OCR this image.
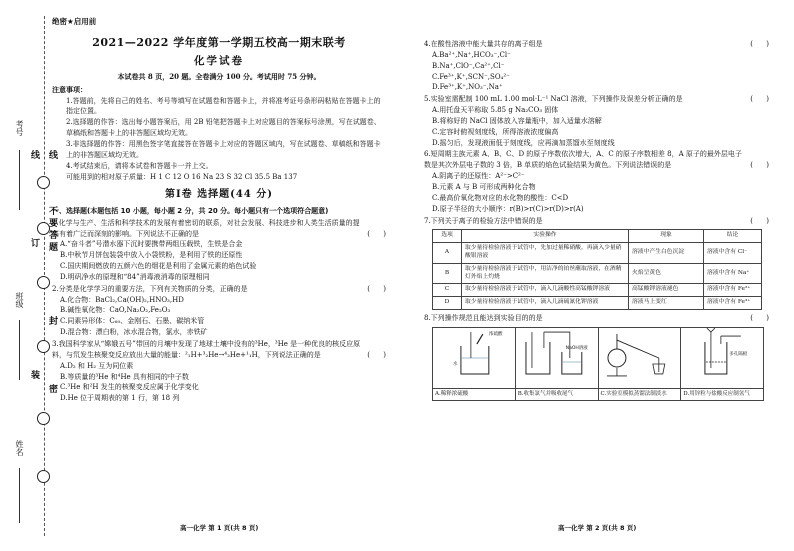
考号
班级
姓名
线 线
订 不要答题
封
装
密
绝密★启用前
2021—2022 学年度第一学期五校高一期末联考
化学试卷
本试卷共 8 页，20 题。全卷满分 100 分。考试用时 75 分钟。
注意事项：
1.答题前，先将自己的姓名、考号等填写在试题卷和答题卡上，并将准考证号条形码粘贴在答题卡上的指定位置。
2.选择题的作答：选出每小题答案后，用 2B 铅笔把答题卡上对应题目的答案标号涂黑，写在试题卷、草稿纸和答题卡上的非答题区域均无效。
3.非选择题的作答：用黑色签字笔直接答在答题卡上对应的答题区域内，写在试题卷、草稿纸和答题卡上的非答题区域均无效。
4.考试结束后，请将本试卷和答题卡一并上交。
可能用到的相对原子质量：H 1 C 12 O 16 Na 23 S 32 Cl 35.5 Ba 137
第Ⅰ卷 选择题(44 分)
一、选择题(本题包括 10 小题，每小题 2 分，共 20 分。每小题只有一个选项符合题意)
1.化学与生产、生活和科学技术的发展有着密切的联系，对社会发展、科技进步和人类生活质量的提高有着广泛而深刻的影响。下列说法不正确的是	(      )
A.“奋斗者”号潜水器下沉时要携带两组压载铁，生铁是合金
B.中秋节月饼包装袋中放入小袋铁粉，是利用了铁的还原性
C.国庆期间燃放的五颜六色的烟花是利用了金属元素的焰色试验
D.明矾净水的原理和“84”消毒液消毒的原理相同
2.分类是化学学习的重要方法，下列有关物质的分类，正确的是	(      )
A.化合物：BaCl₂,Ca(OH)₂,HNO₃,HD
B.碱性氧化物：CaO,Na₂O₂,Fe₂O₃
C.同素异形体：C₆₀、金刚石、石墨、碳纳米管
D.混合物：漂白粉，冰水混合物，氯水，赤铁矿
3.我国科学家从“嫦娥五号”带回的月壤中发现了地球土壤中没有的³He，³He 是一种优良的核反应原料，与氘发生核聚变反应放出大量的能量：²₁H+³₂He→⁴₂He+¹₁H，下列说法正确的是	(      )
A.D₂ 和 H₂ 互为同位素
B.等质量的³He 和⁴He 具有相同的中子数
C.³He 和²H 发生的核聚变反应属于化学变化
D.He 位于周期表的第 1 行，第 18 列
高一化学 第 1 页(共 8 页)
4.在酸性溶液中能大量共存的离子组是	(      )
A.Ba²⁺,Na⁺,HCO₃⁻,Cl⁻
B.Na⁺,ClO⁻,Ca²⁺,Cl⁻
C.Fe³⁺,K⁺,SCN⁻,SO₄²⁻
D.Fe³⁺,K⁺,NO₃⁻,Na⁺
5.实验室需配制 100 mL 1.00 mol·L⁻¹ NaCl 溶液，下列操作及误差分析正确的是	(      )
A.用托盘天平称取 5.85 g Na₂CO₃ 固体
B.将称好的 NaCl 固体放入容量瓶中，加入适量水溶解
C.定容时俯视刻度线，所得溶液浓度偏高
D.摇匀后，发现液面低于刻度线，应再滴加蒸馏水至刻度线
6.短周期主族元素 A、B、C、D 的原子序数依次增大，A、C 的原子序数相差 8，A 原子的最外层电子数是其次外层电子数的 3 倍，B 单质的焰色试验结果为黄色。下列说法错误的是	(      )
A.阴离子的还原性：A²⁻>C²⁻
B.元素 A 与 B 可形成两种化合物
C.最高价氧化物对应的水化物的酸性：C<D
D.原子半径的大小顺序：r(B)>r(C)>r(D)>r(A)
7.下列关于离子的检验方法中错误的是	(      )
选项	实验操作	现象	结论
A	取少量待检验溶液于试管中，先加过量稀硝酸，再滴入少量硝酸银溶液	溶液中产生白色沉淀	溶液中含有 Cl⁻
B	取少量待检验溶液于试管中，用洁净的铂丝蘸取溶液，在酒精灯外焰上灼烧	火焰呈黄色	溶液中含有 Na⁺
C	取少量待检验溶液于试管中，滴入几滴酸性高锰酸钾溶液	高锰酸钾溶液褪色	溶液中含有 Fe²⁺
D	取少量待检验溶液于试管中，滴入几滴硫氰化钾溶液	溶液马上变红	溶液中含有 Fe³⁺
8.下列操作规范且能达到实验目的的是	(      )
浓硫酸
水
A.稀释浓硫酸
NaOH溶液
B.收集氯气并吸收尾气	C.实验室模拟蒸馏法制淡水
多孔隔板
D.用锌粒与盐酸反应制氢气
高一化学 第 2 页(共 8 页)
